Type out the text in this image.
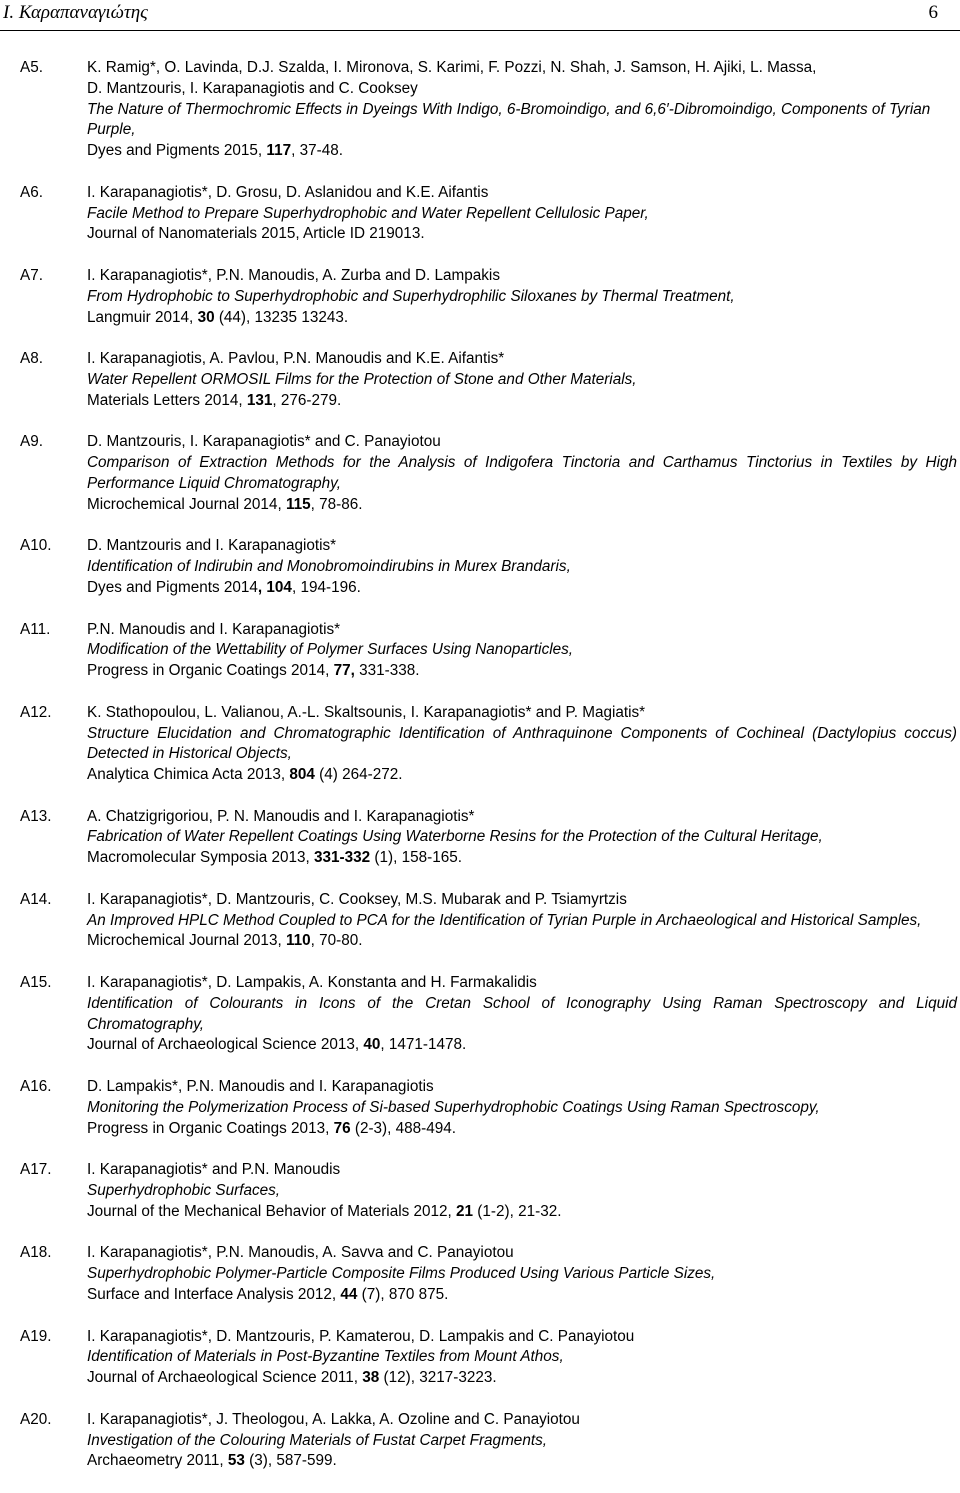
Ι. Καραπαναγιώτης	6
A5.	K. Ramig*, O. Lavinda, D.J. Szalda, I. Mironova, S. Karimi, F. Pozzi, N. Shah, J. Samson, H. Ajiki, L. Massa,
D. Mantzouris, I. Karapanagiotis and C. Cooksey
The Nature of Thermochromic Effects in Dyeings With Indigo, 6-Bromoindigo, and 6,6′-Dibromoindigo, Components of Tyrian Purple,
Dyes and Pigments 2015, 117, 37-48.
A6.	I. Karapanagiotis*, D. Grosu, D. Aslanidou and K.E. Aifantis
Facile Method to Prepare Superhydrophobic and Water Repellent Cellulosic Paper,
Journal of Nanomaterials 2015, Article ID 219013.
A7.	I. Karapanagiotis*, P.N. Manoudis, A. Zurba and D. Lampakis
From Hydrophobic to Superhydrophobic and Superhydrophilic Siloxanes by Thermal Treatment,
Langmuir 2014, 30 (44), 13235 13243.
A8.	I. Karapanagiotis, A. Pavlou, P.N. Manoudis and K.E. Aifantis*
Water Repellent ORMOSIL Films for the Protection of Stone and Other Materials,
Materials Letters 2014, 131, 276-279.
A9.	D. Mantzouris, I. Karapanagiotis* and C. Panayiotou
Comparison of Extraction Methods for the Analysis of Indigofera Tinctoria and Carthamus Tinctorius in Textiles by High Performance Liquid Chromatography,
Microchemical Journal 2014, 115, 78-86.
A10. D. Mantzouris and I. Karapanagiotis*
Identification of Indirubin and Monobromoindirubins in Murex Brandaris,
Dyes and Pigments 2014, 104, 194-196.
A11. P.N. Manoudis and I. Karapanagiotis*
Modification of the Wettability of Polymer Surfaces Using Nanoparticles,
Progress in Organic Coatings 2014, 77, 331-338.
A12. K. Stathopoulou, L. Valianou, A.-L. Skaltsounis, I. Karapanagiotis* and P. Magiatis*
Structure Elucidation and Chromatographic Identification of Anthraquinone Components of Cochineal (Dactylopius coccus) Detected in Historical Objects,
Analytica Chimica Acta 2013, 804 (4) 264-272.
A13. A. Chatzigrigoriou, P. N. Manoudis and I. Karapanagiotis*
Fabrication of Water Repellent Coatings Using Waterborne Resins for the Protection of the Cultural Heritage,
Macromolecular Symposia 2013, 331-332 (1), 158-165.
A14. I. Karapanagiotis*, D. Mantzouris, C. Cooksey, M.S. Mubarak and P. Tsiamyrtzis
An Improved HPLC Method Coupled to PCA for the Identification of Tyrian Purple in Archaeological and Historical Samples,
Microchemical Journal 2013, 110, 70-80.
A15. I. Karapanagiotis*, D. Lampakis, A. Konstanta and H. Farmakalidis
Identification of Colourants in Icons of the Cretan School of Iconography Using Raman Spectroscopy and Liquid Chromatography,
Journal of Archaeological Science 2013, 40, 1471-1478.
A16. D. Lampakis*, P.N. Manoudis and I. Karapanagiotis
Monitoring the Polymerization Process of Si-based Superhydrophobic Coatings Using Raman Spectroscopy,
Progress in Organic Coatings 2013, 76 (2-3), 488-494.
A17. I. Karapanagiotis* and P.N. Manoudis
Superhydrophobic Surfaces,
Journal of the Mechanical Behavior of Materials 2012, 21 (1-2), 21-32.
A18. I. Karapanagiotis*, P.N. Manoudis, A. Savva and C. Panayiotou
Superhydrophobic Polymer-Particle Composite Films Produced Using Various Particle Sizes,
Surface and Interface Analysis 2012, 44 (7), 870 875.
A19. I. Karapanagiotis*, D. Mantzouris, P. Kamaterou, D. Lampakis and C. Panayiotou
Identification of Materials in Post-Byzantine Textiles from Mount Athos,
Journal of Archaeological Science 2011, 38 (12), 3217-3223.
A20. I. Karapanagiotis*, J. Theologou, A. Lakka, A. Ozoline and C. Panayiotou
Investigation of the Colouring Materials of Fustat Carpet Fragments,
Archaeometry 2011, 53 (3), 587-599.
